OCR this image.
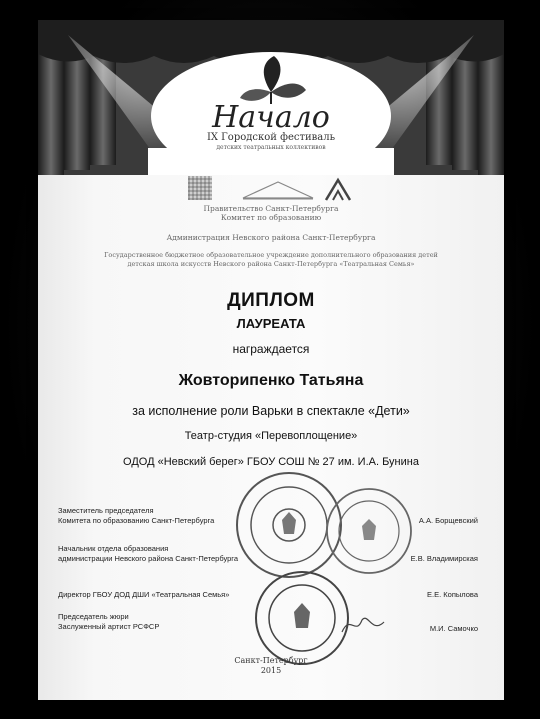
Начало
IX Городской фестиваль
детских театральных коллективов
Правительство Санкт-Петербурга
Комитет по образованию
Администрация Невского района Санкт-Петербурга
Государственное бюджетное образовательное учреждение дополнительного образования детей
детская школа искусств Невского района Санкт-Петербурга «Театральная Семья»
ДИПЛОМ
ЛАУРЕАТА
награждается
Жовторипенко Татьяна
за исполнение роли Варьки в спектакле «Дети»
Театр-студия «Перевоплощение»
ОДОД «Невский берег» ГБОУ СОШ № 27 им. И.А. Бунина
Заместитель председателя
Комитета по образованию Санкт-Петербурга	А.А. Борщевский
Начальник отдела образования
администрации Невского района Санкт-Петербурга	Е.В. Владимирская
Директор ГБОУ ДОД ДШИ «Театральная Семья»	Е.Е. Копылова
Председатель жюри
Заслуженный артист РСФСР	М.И. Самочко
Санкт-Петербург
2015
